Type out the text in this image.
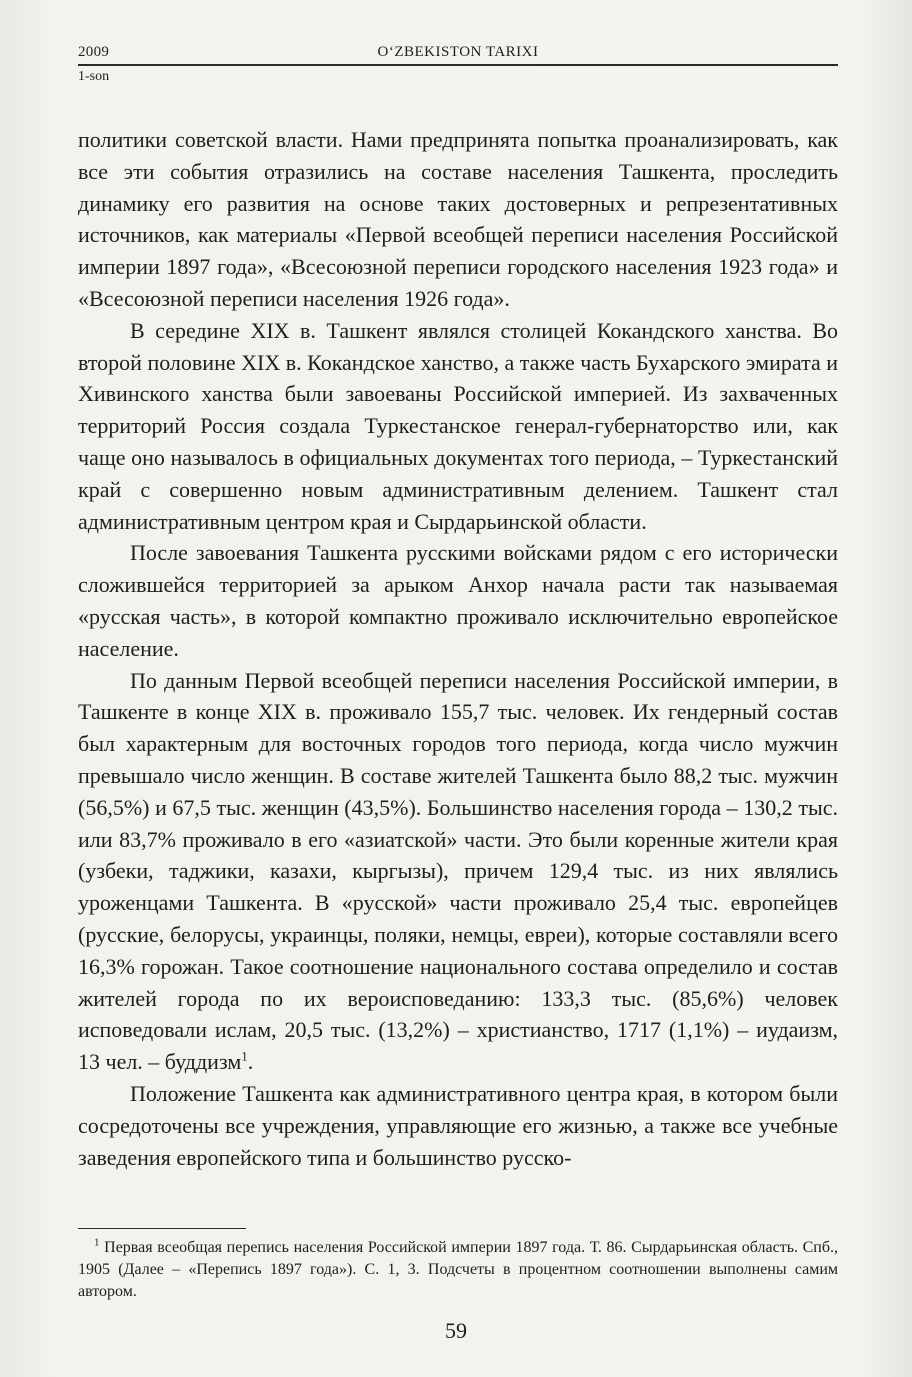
2009	O‘ZBEKISTON TARIXI
1-son

политики советской власти. Нами предпринята попытка проанализировать, как все эти события отразились на составе населения Ташкента, проследить динамику его развития на основе таких достоверных и репрезентативных источников, как материалы «Первой всеобщей переписи населения Российской империи 1897 года», «Всесоюзной переписи городского населения 1923 года» и «Всесоюзной переписи населения 1926 года».

В середине XIX в. Ташкент являлся столицей Кокандского ханства. Во второй половине XIX в. Кокандское ханство, а также часть Бухарского эмирата и Хивинского ханства были завоеваны Российской империей. Из захваченных территорий Россия создала Туркестанское генерал-губернаторство или, как чаще оно называлось в официальных документах того периода, – Туркестанский край с совершенно новым административным делением. Ташкент стал административным центром края и Сырдарьинской области.

После завоевания Ташкента русскими войсками рядом с его исторически сложившейся территорией за арыком Анхор начала расти так называемая «русская часть», в которой компактно проживало исключительно европейское население.

По данным Первой всеобщей переписи населения Российской империи, в Ташкенте в конце XIX в. проживало 155,7 тыс. человек. Их гендерный состав был характерным для восточных городов того периода, когда число мужчин превышало число женщин. В составе жителей Ташкента было 88,2 тыс. мужчин (56,5%) и 67,5 тыс. женщин (43,5%). Большинство населения города – 130,2 тыс. или 83,7% проживало в его «азиатской» части. Это были коренные жители края (узбеки, таджики, казахи, кыргызы), причем 129,4 тыс. из них являлись уроженцами Ташкента. В «русской» части проживало 25,4 тыс. европейцев (русские, белорусы, украинцы, поляки, немцы, евреи), которые составляли всего 16,3% горожан. Такое соотношение национального состава определило и состав жителей города по их вероисповеданию: 133,3 тыс. (85,6%) человек исповедовали ислам, 20,5 тыс. (13,2%) – христианство, 1717 (1,1%) – иудаизм, 13 чел. – буддизм$^1$.

Положение Ташкента как административного центра края, в котором были сосредоточены все учреждения, управляющие его жизнью, а также все учебные заведения европейского типа и большинство русско-

$^1$ Первая всеобщая перепись населения Российской империи 1897 года. Т. 86. Сырдарьинская область. Спб., 1905 (Далее – «Перепись 1897 года»). С. 1, 3. Подсчеты в процентном соотношении выполнены самим автором.

59
